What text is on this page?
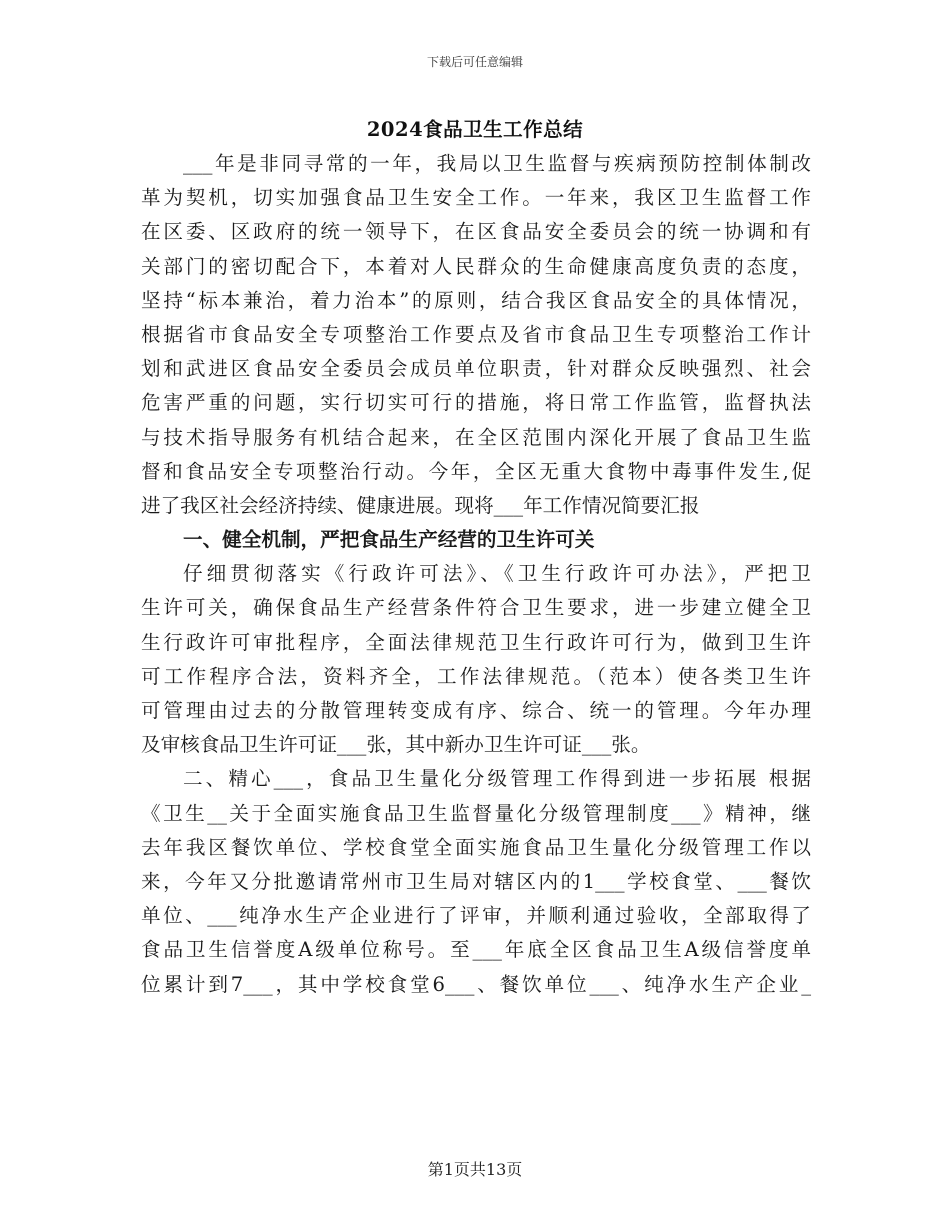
下载后可任意编辑
2024食品卫生工作总结
___年是非同寻常的一年，我局以卫生监督与疾病预防控制体制改
革为契机，切实加强食品卫生安全工作。一年来，我区卫生监督工作
在区委、区政府的统一领导下，在区食品安全委员会的统一协调和有
关部门的密切配合下，本着对人民群众的生命健康高度负责的态度，
坚持“标本兼治，着力治本”的原则，结合我区食品安全的具体情况，
根据省市食品安全专项整治工作要点及省市食品卫生专项整治工作计
划和武进区食品安全委员会成员单位职责，针对群众反映强烈、社会
危害严重的问题，实行切实可行的措施，将日常工作监管，监督执法
与技术指导服务有机结合起来，在全区范围内深化开展了食品卫生监
督和食品安全专项整治行动。今年，全区无重大食物中毒事件发生,促
进了我区社会经济持续、健康进展。现将___年工作情况简要汇报
一、健全机制，严把食品生产经营的卫生许可关
仔细贯彻落实《行政许可法》、《卫生行政许可办法》，严把卫
生许可关，确保食品生产经营条件符合卫生要求，进一步建立健全卫
生行政许可审批程序，全面法律规范卫生行政许可行为，做到卫生许
可工作程序合法，资料齐全，工作法律规范。（范本）使各类卫生许
可管理由过去的分散管理转变成有序、综合、统一的管理。今年办理
及审核食品卫生许可证___张，其中新办卫生许可证___张。
二、精心___，食品卫生量化分级管理工作得到进一步拓展 根据
《卫生__关于全面实施食品卫生监督量化分级管理制度___》精神，继
去年我区餐饮单位、学校食堂全面实施食品卫生量化分级管理工作以
来，今年又分批邀请常州市卫生局对辖区内的1___学校食堂、___餐饮
单位、___纯净水生产企业进行了评审，并顺利通过验收，全部取得了
食品卫生信誉度A级单位称号。至___年底全区食品卫生A级信誉度单
位累计到7___，其中学校食堂6___、餐饮单位___、纯净水生产企业_
第1页共13页
